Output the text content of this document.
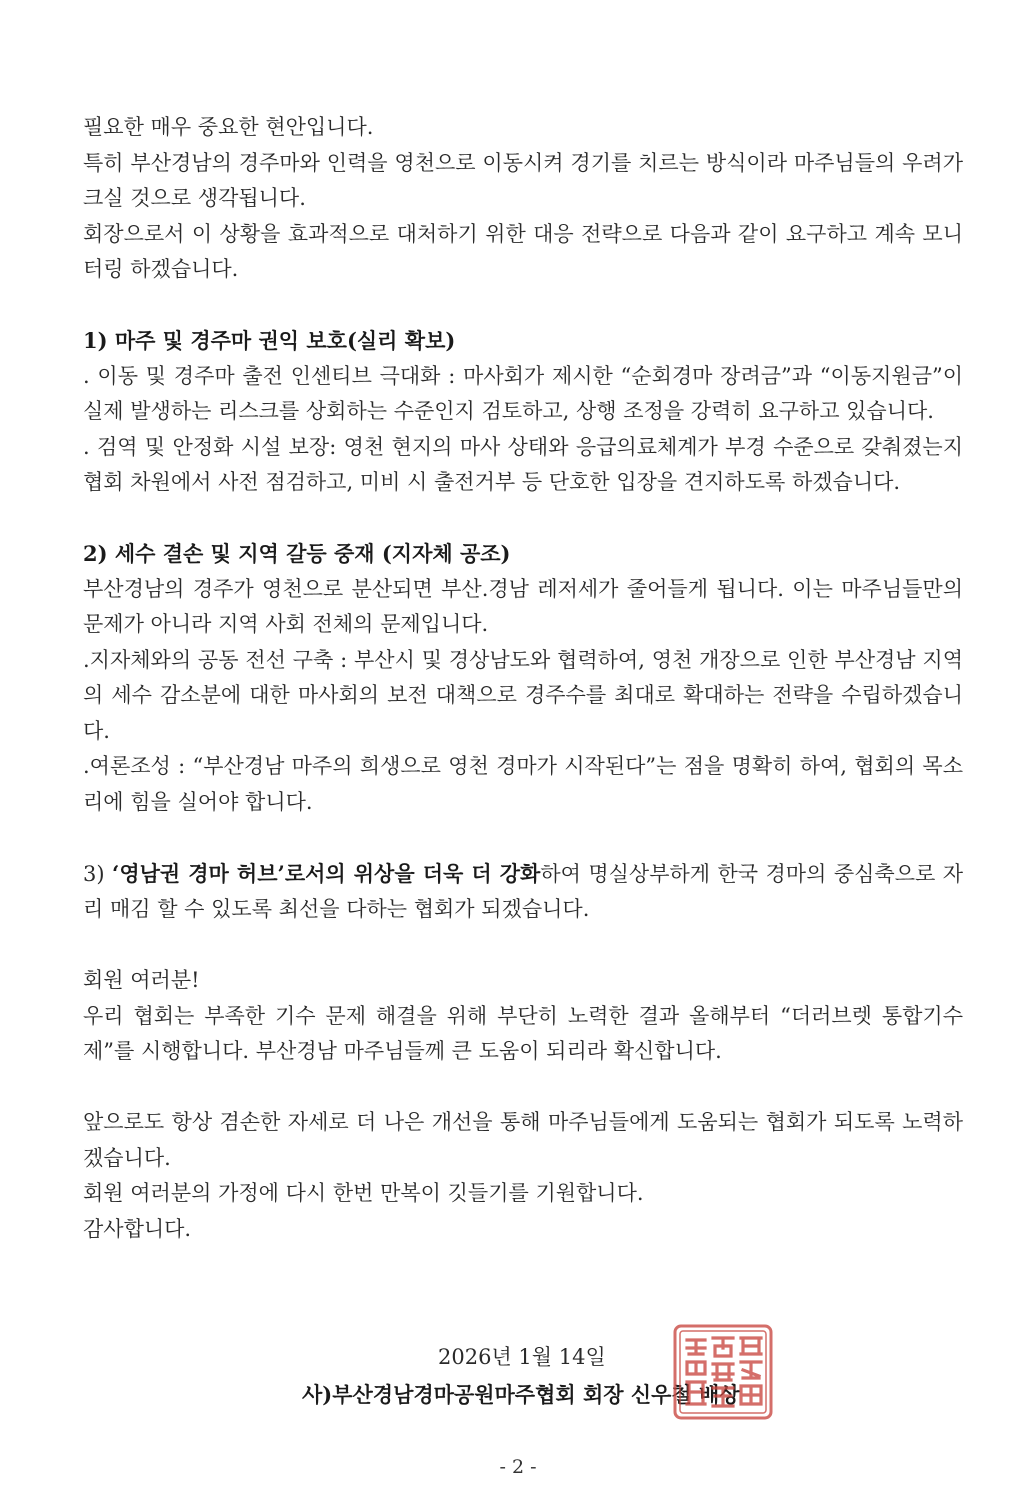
필요한 매우 중요한 현안입니다.

특히 부산경남의 경주마와 인력을 영천으로 이동시켜 경기를 치르는 방식이라 마주님들의 우려가 크실 것으로 생각됩니다.

회장으로서 이 상황을 효과적으로 대처하기 위한 대응 전략으로 다음과 같이 요구하고 계속 모니터링 하겠습니다.

1) 마주 및 경주마 권익 보호(실리 확보)

. 이동 및 경주마 출전 인센티브 극대화 : 마사회가 제시한 “순회경마 장려금”과 “이동지원금”이 실제 발생하는 리스크를 상회하는 수준인지 검토하고, 상행 조정을 강력히 요구하고 있습니다.

. 검역 및 안정화 시설 보장: 영천 현지의 마사 상태와 응급의료체계가 부경 수준으로 갖춰졌는지 협회 차원에서 사전 점검하고, 미비 시 출전거부 등 단호한 입장을 견지하도록 하겠습니다.

2) 세수 결손 및 지역 갈등 중재 (지자체 공조)

부산경남의 경주가 영천으로 분산되면 부산.경남 레저세가 줄어들게 됩니다. 이는 마주님들만의 문제가 아니라 지역 사회 전체의 문제입니다.

.지자체와의 공동 전선 구축 : 부산시 및 경상남도와 협력하여, 영천 개장으로 인한 부산경남 지역의 세수 감소분에 대한 마사회의 보전 대책으로 경주수를 최대로 확대하는 전략을 수립하겠습니다.

.여론조성 : “부산경남 마주의 희생으로 영천 경마가 시작된다”는 점을 명확히 하여, 협회의 목소리에 힘을 실어야 합니다.

3) ‘영남권 경마 허브’로서의 위상을 더욱 더 강화하여 명실상부하게 한국 경마의 중심축으로 자리 매김 할 수 있도록 최선을 다하는 협회가 되겠습니다.

회원 여러분!

우리 협회는 부족한 기수 문제 해결을 위해 부단히 노력한 결과 올해부터 “더러브렛 통합기수제”를 시행합니다. 부산경남 마주님들께 큰 도움이 되리라 확신합니다.

앞으로도 항상 겸손한 자세로 더 나은 개선을 통해 마주님들에게 도움되는 협회가 되도록 노력하겠습니다.

회원 여러분의 가정에 다시 한번 만복이 깃들기를 기원합니다.

감사합니다.

2026년 1월 14일
사)부산경남경마공원마주협회 회장 신우철 배상
- 2 -
